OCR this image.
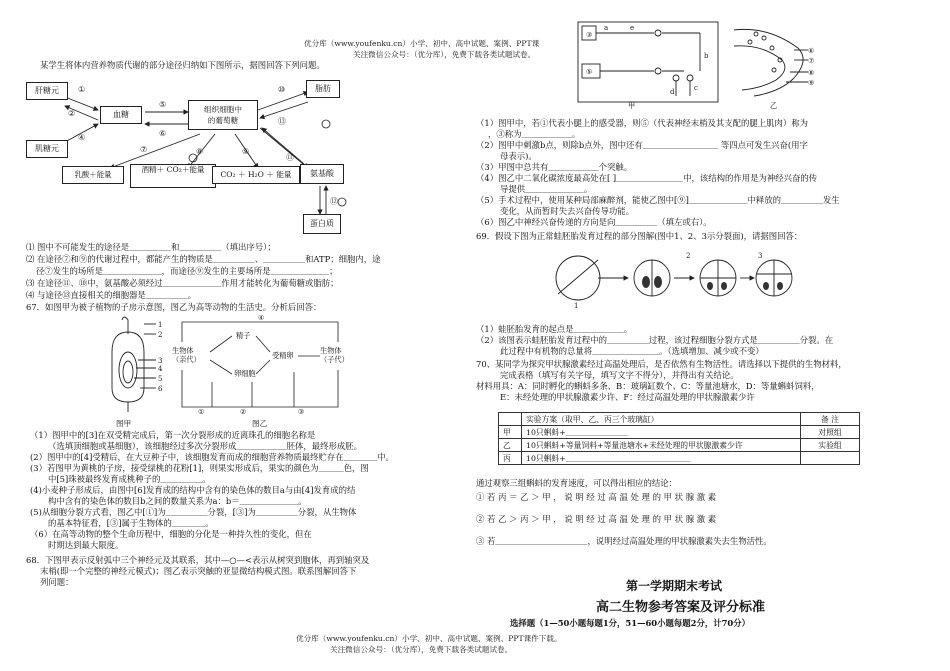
优分库（www.youfenku.cn）小学、初中、高中试题、案例、PPT课
关注微信公众号：（优分库），免费下载各类试题试卷。
某学生将体内营养物质代谢的部分途径归纳如下图所示，据图回答下列问题。
①
②
④
⑤
⑥
⑩
⑬
⑦	⑧	⑨
⑪
⑫
肝糖元
血糖
肌糖元
组织细胞中
的葡萄糖
脂肪
乳酸＋能量
酒精＋ CO₂＋能量
CO₂ ＋ H₂O ＋ 能量	氨基酸
蛋白质
⑴ 图中不可能发生的途径是＿＿＿＿＿和＿＿＿＿＿（填出序号）；
⑵ 在途径⑦和⑨的代谢过程中，都能产生的物质是＿＿＿＿＿、＿＿＿＿＿和ATP；细胞内，途
径⑦发生的场所是＿＿＿＿＿＿＿，而途径⑨发生的主要场所是＿＿＿＿＿＿＿；
⑶ 在途径⑪、⑩中，氨基酸必须经过＿＿＿＿＿＿＿作用才能转化为葡萄糖或脂肪；
⑷ 与途径⑬直接相关的细胞器是＿＿＿＿＿。
67．如图甲为被子植物的子房示意图，图乙为高等动物的生活史。分析后回答：
1
2
3
4
5
6
图甲
④
①	②	③
生物体
（亲代）
精子
卵细胞
受精卵
生物体
（子代）
图乙
（1）图甲中的[3]在双受精完成后，第一次分裂形成的近离珠孔的细胞名称是
（选填顶细胞或基细胞），该细胞经过多次分裂形成＿＿＿＿＿＿胚体，最终形成胚。
(2）图甲中的[4]受精后，在大豆种子中，该细胞发育而成的细胞营养物质最终贮存在＿＿＿＿中。
(3）若图甲为黄桃的子房，接受绿桃的花粉[1]，则果实形成后，果实的颜色为＿＿＿色，图
中[5]珠被最终发育成桃种子的＿＿＿＿＿。
(4)小麦种子形成后，由图中[6]发育成的结构中含有的染色体的数目a与由[4]发育成的结
构中含有的染色体的数目b之间的数量关系为a：b＝＿＿＿＿＿＿＿。
(5)从细胞分裂方式看，图乙中[①]为＿＿＿＿＿分裂，[③]为＿＿＿＿＿分裂，从生物体
的基本特征看，[③]属于生物体的＿＿＿＿。
（6）在高等动物的整个生命历程中，细胞的分化是一种持久性的变化，但在
时期达到最大限度。
68．下图甲表示反射弧中三个神经元及其联系，其中—○—<表示从树突到胞体，再到轴突及
末梢(即一个完整的神经元模式)；图乙表示突触的亚显微结构模式图。联系图解回答下
列问题：
③
⑤
a	e
b
d	c
甲
⑥
⑦
⑧
⑨
乙
（1）图甲中，若①代表小腿上的感受器，则⑤（代表神经末梢及其支配的腿上肌肉）称为
，③称为＿＿＿＿＿＿。
（2）图甲中刺激b点，则除b点外，图中还有＿＿＿＿＿＿＿＿＿ 等四点可发生兴奋(用字
母表示)。
（3）甲图中总共有＿＿＿＿＿＿个突触。
（4）图乙中二氧化碳浓度最高处在[ ]＿＿＿＿＿＿＿＿中，该结构的作用是为神经兴奋的传
导提供＿＿＿＿＿＿＿。
（5）手术过程中，使用某种局部麻醉剂，能使乙图中[⑨]＿＿＿＿＿＿＿中释放的＿＿＿＿＿发生
变化，从而暂时失去兴奋传导功能。
（6）图乙中神经兴奋传递的方向是向＿＿＿＿＿（填左或右）。
69．假设下图为正常蛙胚胎发育过程的部分图解(图中1、2、3示分裂面)，请据图回答：
1
2	3
（1）蛙胚胎发育的起点是＿＿＿＿＿＿。
（2）该图表示蛙胚胎发育过程中的＿＿＿＿＿过程，该过程细胞分裂方式是＿＿＿＿＿分裂。在
此过程中有机物的总量将＿＿＿＿＿＿＿＿。（选填增加、减少或不变）
70、某同学为探究甲状腺激素经过高温处理后，是否依然有生物活性。请选择以下提供的生物材料，
完成表格（填写有关字母，填写文字不得分），并得出有关结论。
材料用具：A：同时孵化的蝌蚪多条、B：玻璃缸数个、C：等量池塘水，D：等量蝌蚪饲料，
E：未经处理的甲状腺激素少许、F：经过高温处理的甲状腺激素少许
	实验方案（取甲、乙、丙三个玻璃缸）	备 注
甲	10只蝌蚪+＿＿＿＿＿＿＿＿	对照组
乙	10只蝌蚪+等量饲料+等量池塘水+未经处理的甲状腺激素少许	实验组
丙	10只蝌蚪+＿＿＿＿＿＿＿＿＿＿＿＿＿＿＿＿	
通过观察三组蝌蚪的发育速度，可以得出相应的结论：
① 若 丙 ＝ 乙 ＞ 甲 ， 说 明 经 过 高 温 处 理 的 甲 状 腺 激 素
② 若 乙 ＞ 丙 ＞ 甲 ， 说 明 经 过 高 温 处 理 的 甲 状 腺 激 素
③ 若＿＿＿＿＿＿＿＿＿＿＿，说明经过高温处理的甲状腺激素失去生物活性。
第一学期期末考试
高二生物参考答案及评分标准
选择题（1—50小题每题1分，51—60小题每题2分，计70分）
优分库（www.youfenku.cn）小学、初中、高中试题、案例、PPT课件下载。
关注微信公众号：（优分库），免费下载各类试题试卷。
